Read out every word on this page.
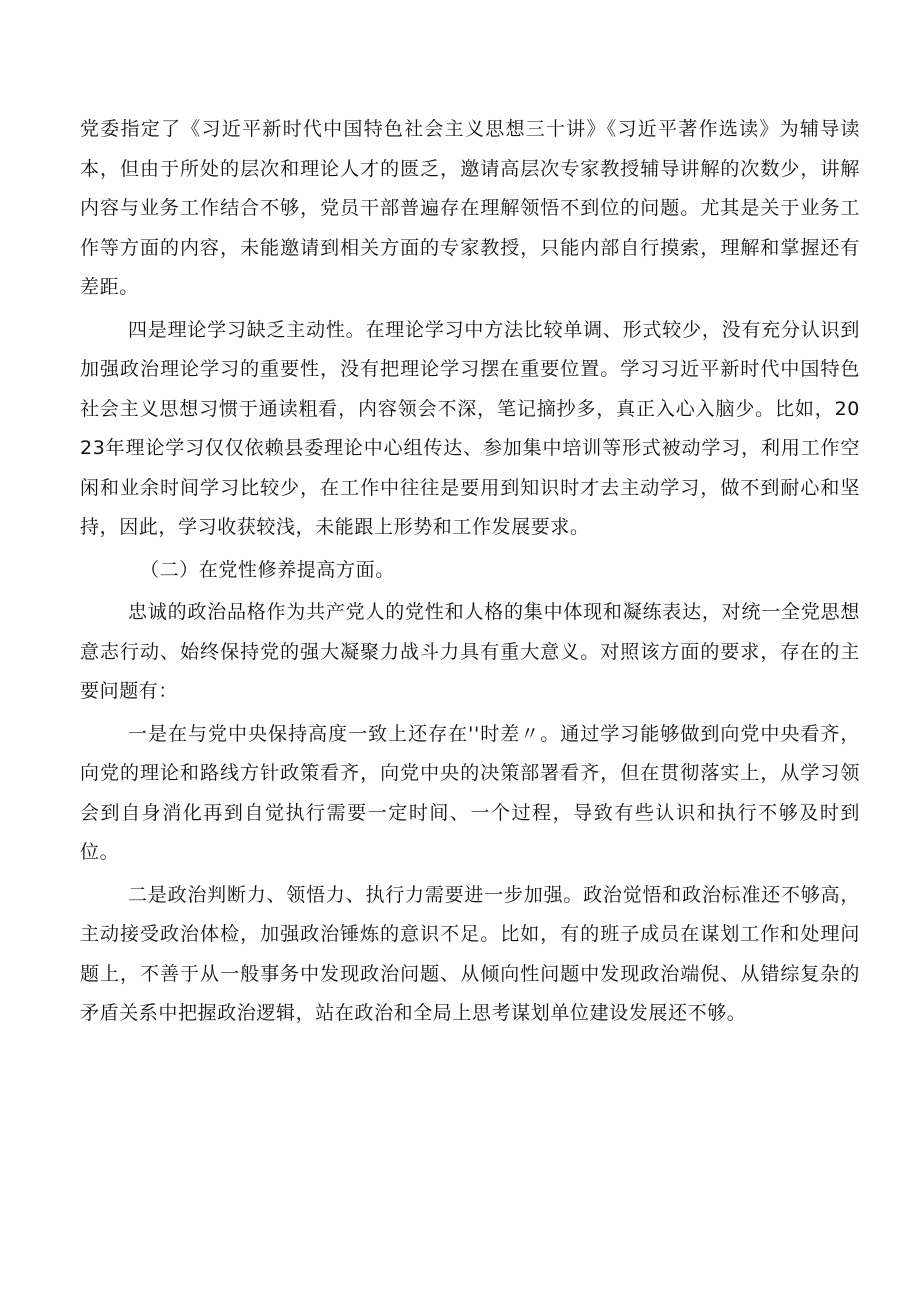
党委指定了《习近平新时代中国特色社会主义思想三十讲》《习近平著作选读》为辅导读本，但由于所处的层次和理论人才的匮乏，邀请高层次专家教授辅导讲解的次数少，讲解内容与业务工作结合不够，党员干部普遍存在理解领悟不到位的问题。尤其是关于业务工作等方面的内容，未能邀请到相关方面的专家教授，只能内部自行摸索，理解和掌握还有差距。

四是理论学习缺乏主动性。在理论学习中方法比较单调、形式较少，没有充分认识到加强政治理论学习的重要性，没有把理论学习摆在重要位置。学习习近平新时代中国特色社会主义思想习惯于通读粗看，内容领会不深，笔记摘抄多，真正入心入脑少。比如，2023年理论学习仅仅依赖县委理论中心组传达、参加集中培训等形式被动学习，利用工作空闲和业余时间学习比较少，在工作中往往是要用到知识时才去主动学习，做不到耐心和坚持，因此，学习收获较浅，未能跟上形势和工作发展要求。

（二）在党性修养提高方面。

忠诚的政治品格作为共产党人的党性和人格的集中体现和凝练表达，对统一全党思想意志行动、始终保持党的强大凝聚力战斗力具有重大意义。对照该方面的要求，存在的主要问题有：

一是在与党中央保持高度一致上还存在''时差〃。通过学习能够做到向党中央看齐，向党的理论和路线方针政策看齐，向党中央的决策部署看齐，但在贯彻落实上，从学习领会到自身消化再到自觉执行需要一定时间、一个过程，导致有些认识和执行不够及时到位。

二是政治判断力、领悟力、执行力需要进一步加强。政治觉悟和政治标准还不够高，主动接受政治体检，加强政治锤炼的意识不足。比如，有的班子成员在谋划工作和处理问题上，不善于从一般事务中发现政治问题、从倾向性问题中发现政治端倪、从错综复杂的矛盾关系中把握政治逻辑，站在政治和全局上思考谋划单位建设发展还不够。
